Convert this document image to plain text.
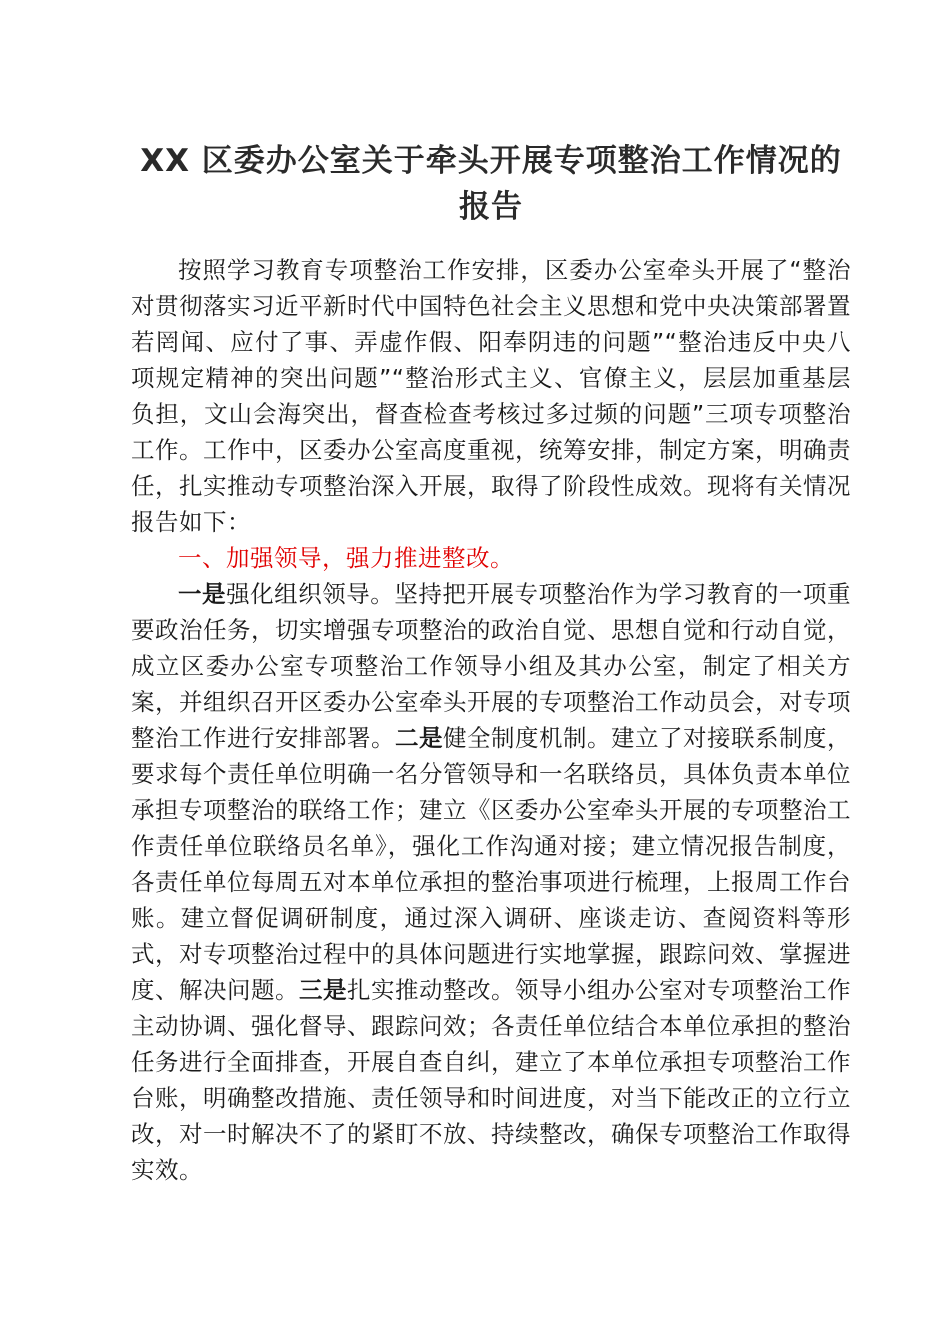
XX 区委办公室关于牵头开展专项整治工作情况的报告

按照学习教育专项整治工作安排，区委办公室牵头开展了“整治对贯彻落实习近平新时代中国特色社会主义思想和党中央决策部署置若罔闻、应付了事、弄虚作假、阳奉阴违的问题”“整治违反中央八项规定精神的突出问题”“整治形式主义、官僚主义，层层加重基层负担，文山会海突出，督查检查考核过多过频的问题”三项专项整治工作。工作中，区委办公室高度重视，统筹安排，制定方案，明确责任，扎实推动专项整治深入开展，取得了阶段性成效。现将有关情况报告如下：

一、加强领导，强力推进整改。

一是强化组织领导。坚持把开展专项整治作为学习教育的一项重要政治任务，切实增强专项整治的政治自觉、思想自觉和行动自觉，成立区委办公室专项整治工作领导小组及其办公室，制定了相关方案，并组织召开区委办公室牵头开展的专项整治工作动员会，对专项整治工作进行安排部署。二是健全制度机制。建立了对接联系制度，要求每个责任单位明确一名分管领导和一名联络员，具体负责本单位承担专项整治的联络工作；建立《区委办公室牵头开展的专项整治工作责任单位联络员名单》，强化工作沟通对接；建立情况报告制度，各责任单位每周五对本单位承担的整治事项进行梳理，上报周工作台账。建立督促调研制度，通过深入调研、座谈走访、查阅资料等形式，对专项整治过程中的具体问题进行实地掌握，跟踪问效、掌握进度、解决问题。三是扎实推动整改。领导小组办公室对专项整治工作主动协调、强化督导、跟踪问效；各责任单位结合本单位承担的整治任务进行全面排查，开展自查自纠，建立了本单位承担专项整治工作台账，明确整改措施、责任领导和时间进度，对当下能改正的立行立改，对一时解决不了的紧盯不放、持续整改，确保专项整治工作取得实效。
